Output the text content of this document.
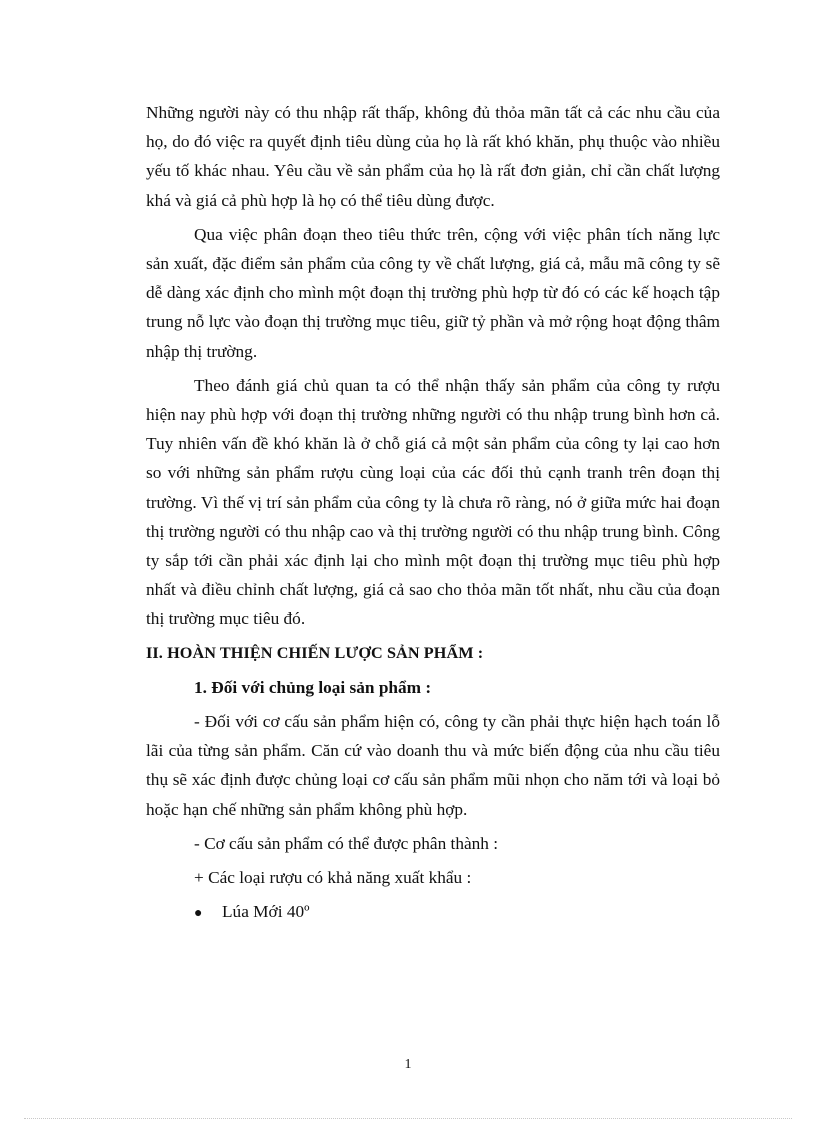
Những người này có thu nhập rất thấp, không đủ thỏa mãn tất cả các nhu cầu của họ, do đó việc ra quyết định tiêu dùng của họ là rất khó khăn, phụ thuộc vào nhiều yếu tố khác nhau. Yêu cầu về sản phẩm của họ là rất đơn giản, chỉ cần chất lượng khá và giá cả phù hợp là họ có thể tiêu dùng được.

Qua việc phân đoạn theo tiêu thức trên, cộng với việc phân tích năng lực sản xuất, đặc điểm sản phẩm của công ty về chất lượng, giá cả, mẫu mã công ty sẽ dễ dàng xác định cho mình một đoạn thị trường phù hợp từ đó có các kế hoạch tập trung nỗ lực vào đoạn thị trường mục tiêu, giữ tỷ phần và mở rộng hoạt động thâm nhập thị trường.

Theo đánh giá chủ quan ta có thể nhận thấy sản phẩm của công ty rượu hiện nay phù hợp với đoạn thị trường những người có thu nhập trung bình hơn cả. Tuy nhiên vấn đề khó khăn là ở chỗ giá cả một sản phẩm của công ty lại cao hơn so với những sản phẩm rượu cùng loại của các đối thủ cạnh tranh trên đoạn thị trường. Vì thế vị trí sản phẩm của công ty là chưa rõ ràng, nó ở giữa mức hai đoạn thị trường người có thu nhập cao và thị trường người có thu nhập trung bình. Công ty sắp tới cần phải xác định lại cho mình một đoạn thị trường mục tiêu phù hợp nhất và điều chỉnh chất lượng, giá cả sao cho thỏa mãn tốt nhất, nhu cầu của đoạn thị trường mục tiêu đó.

II. HOÀN THIỆN CHIẾN LƯỢC SẢN PHẨM :
1. Đối với chủng loại sản phẩm :

- Đối với cơ cấu sản phẩm hiện có, công ty cần phải thực hiện hạch toán lỗ lãi của từng sản phẩm. Căn cứ vào doanh thu và mức biến động của nhu cầu tiêu thụ sẽ xác định được chủng loại cơ cấu sản phẩm mũi nhọn cho năm tới và loại bỏ hoặc hạn chế những sản phẩm không phù hợp.

- Cơ cấu sản phẩm có thể được phân thành :
+ Các loại rượu có khả năng xuất khẩu :
●	Lúa Mới 40º
1
